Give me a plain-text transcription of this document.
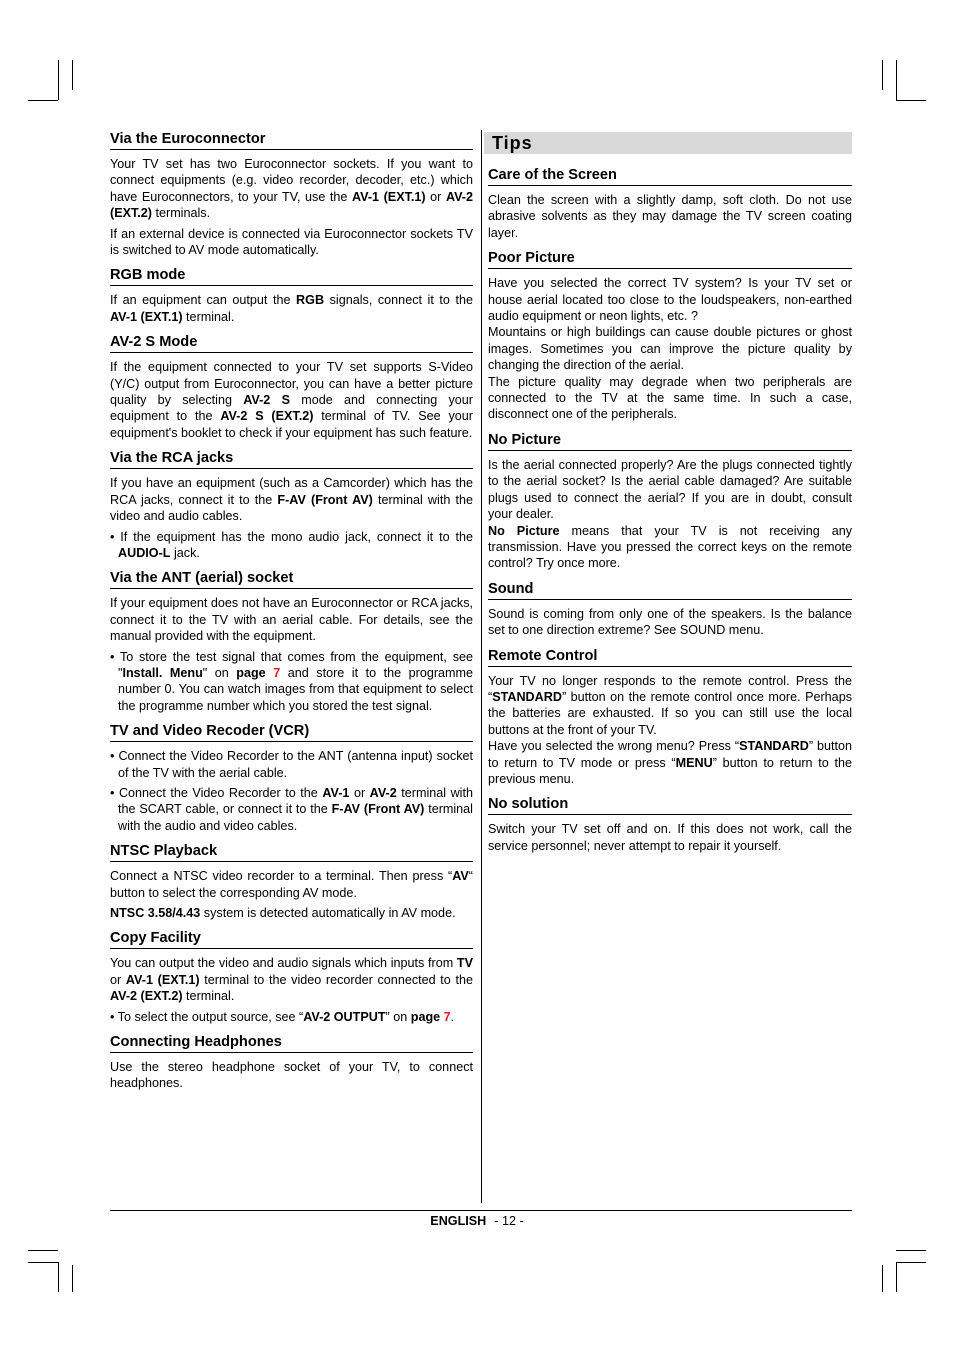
Via the Euroconnector

Your TV set has two Euroconnector sockets. If you want to connect equipments (e.g. video recorder, decoder, etc.) which have Euroconnectors, to your TV, use the AV-1 (EXT.1) or AV-2 (EXT.2) terminals.

If an external device is connected via Euroconnector sockets TV is switched to AV mode automatically.

RGB mode

If an equipment can output the RGB signals, connect it to the AV-1 (EXT.1) terminal.

AV-2 S Mode

If the equipment connected to your TV set supports S-Video (Y/C) output from Euroconnector, you can have a better picture quality by selecting AV-2 S mode and connecting your equipment to the AV-2 S (EXT.2) terminal of TV. See your equipment's booklet to check if your equipment has such feature.

Via the RCA jacks

If you have an equipment (such as a Camcorder) which has the RCA jacks, connect it to the F-AV (Front AV) terminal with the video and audio cables.

• If the equipment has the mono audio jack, connect it to the AUDIO-L jack.

Via the ANT (aerial) socket

If your equipment does not have an Euroconnector or RCA jacks, connect it to the TV with an aerial cable. For details, see the manual provided with the equipment.

• To store the test signal that comes from the equipment, see "Install. Menu" on page 7 and store it to the programme number 0. You can watch images from that equipment to select the programme number which you stored the test signal.

TV and Video Recoder (VCR)

• Connect the Video Recorder to the ANT (antenna input) socket of the TV with the aerial cable.

• Connect the Video Recorder to the AV-1 or AV-2 terminal with the SCART cable, or connect it to the F-AV (Front AV) terminal with the audio and video cables.

NTSC Playback

Connect a NTSC video recorder to a terminal. Then press “AV“ button to select the corresponding AV mode.

NTSC 3.58/4.43 system is detected automatically in AV mode.

Copy Facility

You can output the video and audio signals which inputs from TV or AV-1 (EXT.1) terminal to the video recorder connected to the AV-2 (EXT.2) terminal.

• To select the output source, see “AV-2 OUTPUT” on page 7.

Connecting Headphones

Use the stereo headphone socket of your TV, to connect headphones.

Tips
Care of the Screen

Clean the screen with a slightly damp, soft cloth. Do not use abrasive solvents as they may damage the TV screen coating layer.

Poor Picture

Have you selected the correct TV system? Is your TV set or house aerial located too close to the loudspeakers, non-earthed audio equipment or neon lights, etc. ?

Mountains or high buildings can cause double pictures or ghost images. Sometimes you can improve the picture quality by changing the direction of the aerial.

The picture quality may degrade when two peripherals are connected to the TV at the same time. In such a case, disconnect one of the peripherals.

No Picture

Is the aerial connected properly? Are the plugs connected tightly to the aerial socket? Is the aerial cable damaged? Are suitable plugs used to connect the aerial? If you are in doubt, consult your dealer.

No Picture means that your TV is not receiving any transmission. Have you pressed the correct keys on the remote control? Try once more.

Sound

Sound is coming from only one of the speakers. Is the balance set to one direction extreme? See SOUND menu.

Remote Control

Your TV no longer responds to the remote control. Press the “STANDARD” button on the remote control once more. Perhaps the batteries are exhausted. If so you can still use the local buttons at the front of your TV.

Have you selected the wrong menu? Press “STANDARD” button to return to TV mode or press “MENU” button to return to the previous menu.

No solution

Switch your TV set off and on. If this does not work, call the service personnel; never attempt to repair it yourself.

ENGLISH - 12 -
